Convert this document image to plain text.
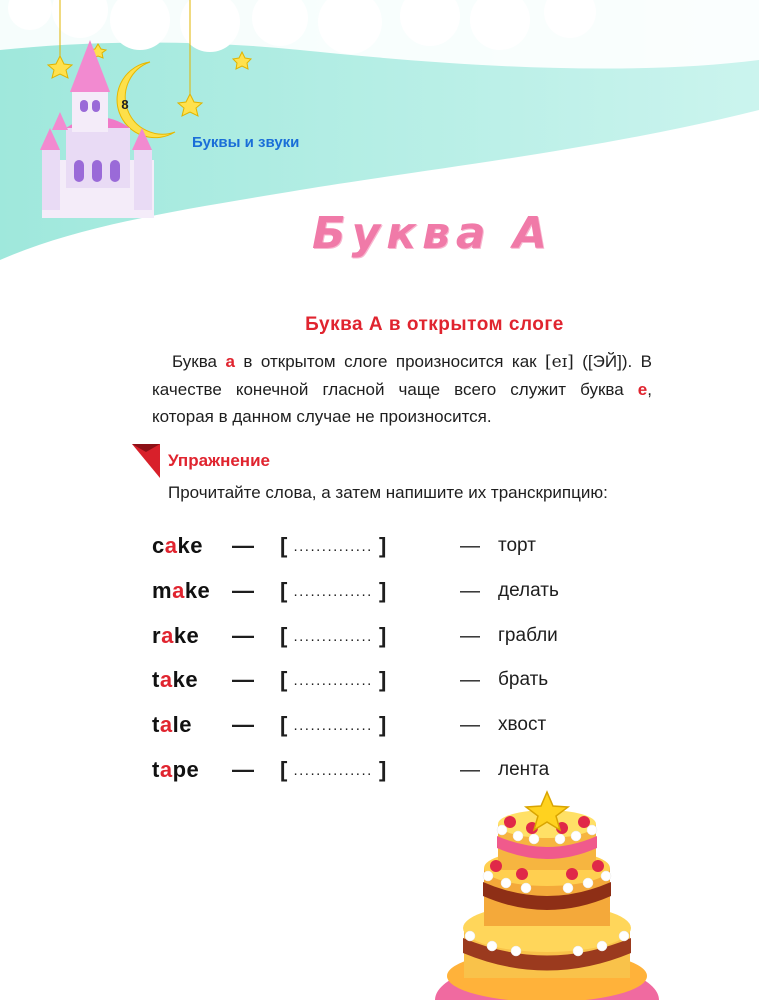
8
Буквы и звуки
Буква А
Буква А в открытом слоге

Буква а в открытом слоге произносится как [eɪ] ([ЭЙ]). В качестве конечной гласной чаще всего служит буква е, которая в данном случае не произносится.

Упражнение
Прочитайте слова, а затем напишите их транскрипцию:
cake — [ .............. ]	— торт
make — [ .............. ]	— делать
rake — [ .............. ]	— грабли
take — [ .............. ]	— брать
tale — [ .............. ]	— хвост
tape — [ .............. ]	— лента
